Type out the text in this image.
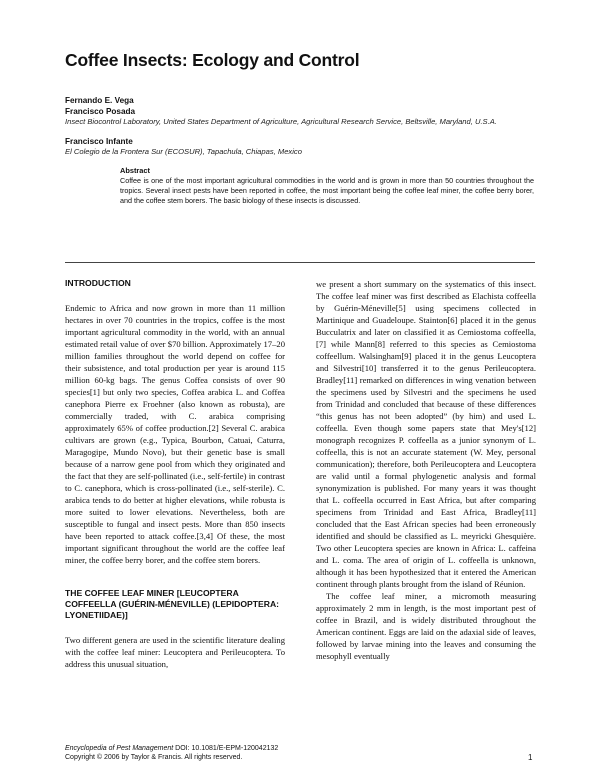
Coffee Insects: Ecology and Control
Fernando E. Vega
Francisco Posada
Insect Biocontrol Laboratory, United States Department of Agriculture, Agricultural Research Service, Beltsville, Maryland, U.S.A.
Francisco Infante
El Colegio de la Frontera Sur (ECOSUR), Tapachula, Chiapas, Mexico
Abstract
Coffee is one of the most important agricultural commodities in the world and is grown in more than 50 countries throughout the tropics. Several insect pests have been reported in coffee, the most important being the coffee leaf miner, the coffee berry borer, and the coffee stem borers. The basic biology of these insects is discussed.
INTRODUCTION

Endemic to Africa and now grown in more than 11 million hectares in over 70 countries in the tropics, coffee is the most important agricultural commodity in the world, with an annual estimated retail value of over $70 billion. Approximately 17–20 million families throughout the world depend on coffee for their subsistence, and total production per year is around 115 million 60-kg bags. The genus Coffea consists of over 90 species[1] but only two species, Coffea arabica L. and Coffea canephora Pierre ex Froehner (also known as robusta), are commercially traded, with C. arabica comprising approximately 65% of coffee production.[2] Several C. arabica cultivars are grown (e.g., Typica, Bourbon, Catuai, Caturra, Maragogipe, Mundo Novo), but their genetic base is small because of a narrow gene pool from which they originated and the fact that they are self-pollinated (i.e., self-fertile) in contrast to C. canephora, which is cross-pollinated (i.e., self-sterile). C. arabica tends to do better at higher elevations, while robusta is more suited to lower elevations. Nevertheless, both are susceptible to fungal and insect pests. More than 850 insects have been reported to attack coffee.[3,4] Of these, the most important significant throughout the world are the coffee leaf miner, the coffee berry borer, and the coffee stem borers.

THE COFFEE LEAF MINER [LEUCOPTERA COFFEELLA (GUÉRIN-MÉNEVILLE) (LEPIDOPTERA: LYONETIIDAE)]

Two different genera are used in the scientific literature dealing with the coffee leaf miner: Leucoptera and Perileucoptera. To address this unusual situation,

we present a short summary on the systematics of this insect. The coffee leaf miner was first described as Elachista coffeella by Guérin-Méneville[5] using specimens collected in Martinique and Guadeloupe. Stainton[6] placed it in the genus Bucculatrix and later on classified it as Cemiostoma coffeella,[7] while Mann[8] referred to this species as Cemiostoma coffeellum. Walsingham[9] placed it in the genus Leucoptera and Silvestri[10] transferred it to the genus Perileucoptera. Bradley[11] remarked on differences in wing venation between the specimens used by Silvestri and the specimens he used from Trinidad and concluded that because of these differences “this genus has not been adopted” (by him) and used L. coffeella. Even though some papers state that Mey's[12] monograph recognizes P. coffeella as a junior synonym of L. coffeella, this is not an accurate statement (W. Mey, personal communication); therefore, both Perileucoptera and Leucoptera are valid until a formal phylogenetic analysis and formal synonymization is published. For many years it was thought that L. coffeella occurred in East Africa, but after comparing specimens from Trinidad and East Africa, Bradley[11] concluded that the East African species had been erroneously identified and should be classified as L. meyricki Ghesquière. Two other Leucoptera species are known in Africa: L. caffeina and L. coma. The area of origin of L. coffeella is unknown, although it has been hypothesized that it entered the American continent through plants brought from the island of Réunion.

The coffee leaf miner, a micromoth measuring approximately 2 mm in length, is the most important pest of coffee in Brazil, and is widely distributed throughout the American continent. Eggs are laid on the adaxial side of leaves, followed by larvae mining into the leaves and consuming the mesophyll eventually

Encyclopedia of Pest Management DOI: 10.1081/E-EPM-120042132
Copyright © 2006 by Taylor & Francis. All rights reserved.	1
